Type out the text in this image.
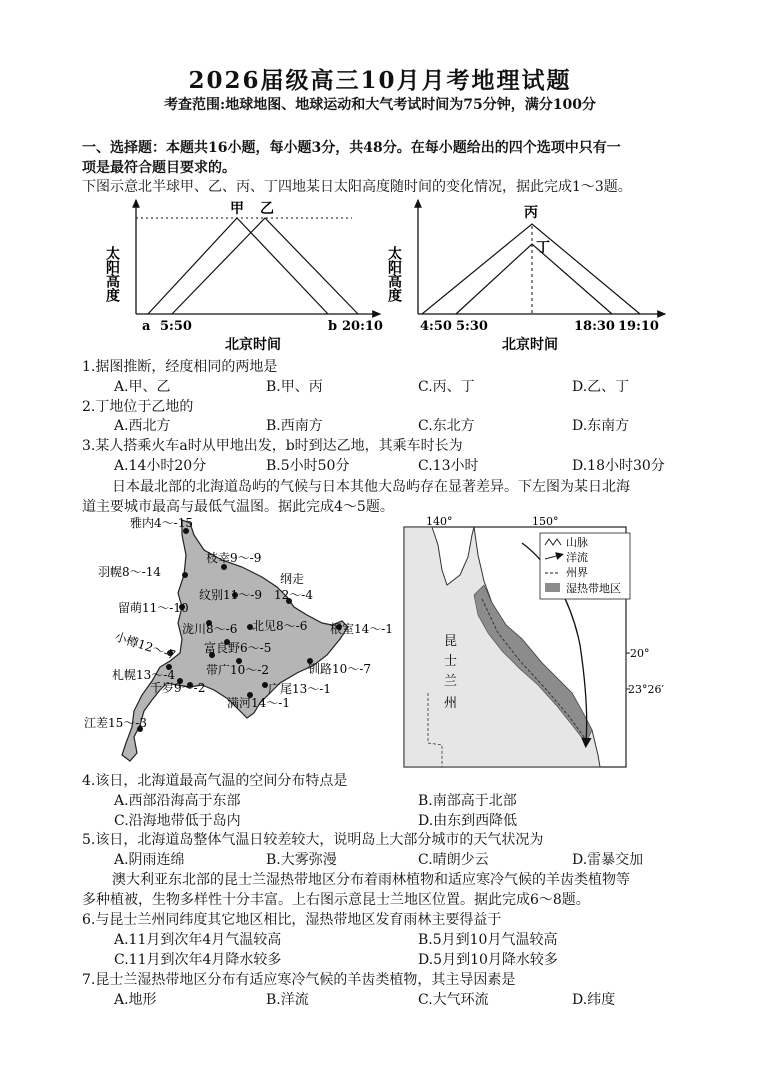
2026届级高三10月月考地理试题
考查范围:地球地图、地球运动和大气考试时间为75分钟，满分100分
一、选择题：本题共16小题，每小题3分，共48分。在每小题给出的四个选项中只有一
项是最符合题目要求的。
下图示意北半球甲、乙、丙、丁四地某日太阳高度随时间的变化情况，据此完成1～3题。
太阳高度
甲 乙
a 5:50	b 20:10
北京时间
太阳高度
丙
丁
4:50 5:30	18:30 19:10
北京时间
1.据图推断，经度相同的两地是
A.甲、乙	B.甲、丙	C.丙、丁	D.乙、丁
2.丁地位于乙地的
A.西北方	B.西南方	C.东北方	D.东南方
3.某人搭乘火车a时从甲地出发，b时到达乙地，其乘车时长为
A.14小时20分	B.5小时50分	C.13小时	D.18小时30分
日本最北部的北海道岛屿的气候与日本其他大岛屿存在显著差异。下左图为某日北海
道主要城市最高与最低气温图。据此完成4～5题。
雅内4～-15
枝幸9～-9
羽幌8～-14
纹别11～-9
纲走
12～-4
留萌11～-10
泷川8～-6 北见8～-6 根室14～-1
小樽12～-7 富良野6～-5
札幌13～-4	带广10～-2	钏路10～-7
千岁9～-2	广尾13～-1
满河14～-1
江差15～-3
140°	150°
20°
23°26′
昆
士
兰
州
山脉
洋流
州界
湿热带地区
4.该日，北海道最高气温的空间分布特点是
A.西部沿海高于东部	B.南部高于北部
C.沿海地带低于岛内	D.由东到西降低
5.该日，北海道岛整体气温日较差较大，说明岛上大部分城市的天气状况为
A.阴雨连绵	B.大雾弥漫	C.晴朗少云	D.雷暴交加
澳大利亚东北部的昆士兰湿热带地区分布着雨林植物和适应寒冷气候的羊齿类植物等
多种植被，生物多样性十分丰富。上右图示意昆士兰地区位置。据此完成6～8题。
6.与昆士兰州同纬度其它地区相比，湿热带地区发育雨林主要得益于
A.11月到次年4月气温较高	B.5月到10月气温较高
C.11月到次年4月降水较多	D.5月到10月降水较多
7.昆士兰湿热带地区分布有适应寒冷气候的羊齿类植物，其主导因素是
A.地形	B.洋流	C.大气环流	D.纬度
